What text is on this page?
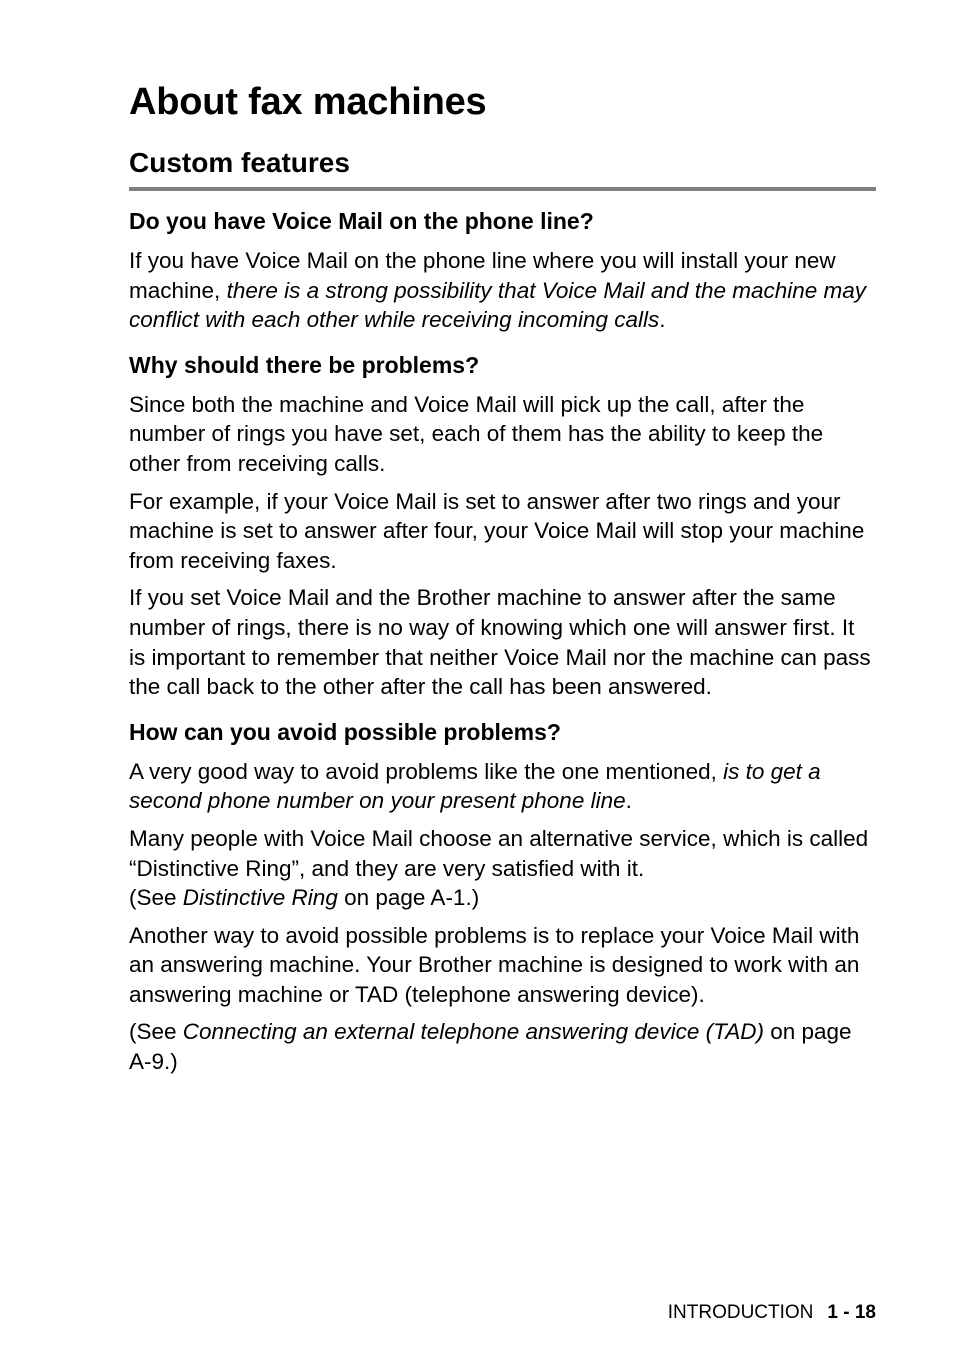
About fax machines
Custom features
Do you have Voice Mail on the phone line?

If you have Voice Mail on the phone line where you will install your new machine, there is a strong possibility that Voice Mail and the machine may conflict with each other while receiving incoming calls.

Why should there be problems?

Since both the machine and Voice Mail will pick up the call, after the number of rings you have set, each of them has the ability to keep the other from receiving calls.

For example, if your Voice Mail is set to answer after two rings and your machine is set to answer after four, your Voice Mail will stop your machine from receiving faxes.

If you set Voice Mail and the Brother machine to answer after the same number of rings, there is no way of knowing which one will answer first. It is important to remember that neither Voice Mail nor the machine can pass the call back to the other after the call has been answered.

How can you avoid possible problems?

A very good way to avoid problems like the one mentioned, is to get a second phone number on your present phone line.

Many people with Voice Mail choose an alternative service, which is called “Distinctive Ring”, and they are very satisfied with it.
(See Distinctive Ring on page A-1.)

Another way to avoid possible problems is to replace your Voice Mail with an answering machine. Your Brother machine is designed to work with an answering machine or TAD (telephone answering device).

(See Connecting an external telephone answering device (TAD) on page A-9.)

INTRODUCTION 1 - 18
